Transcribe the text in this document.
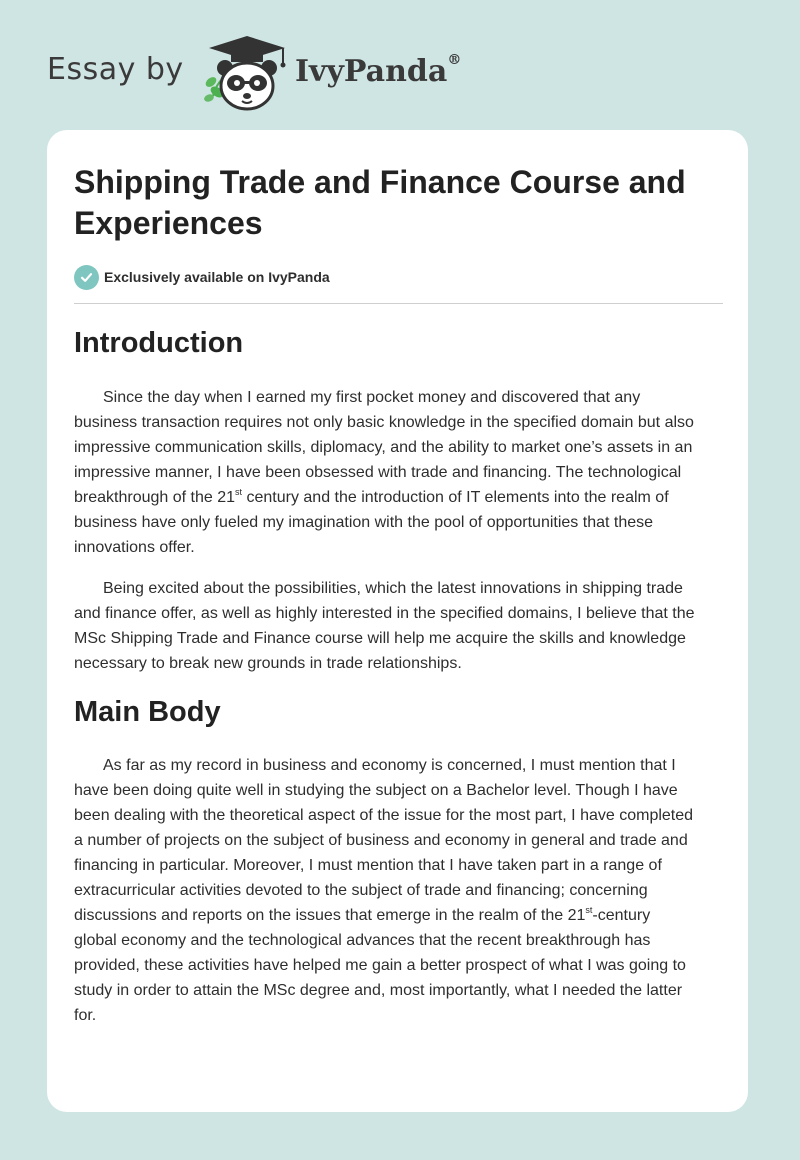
Essay by	IvyPanda®
Shipping Trade and Finance Course and
Experiences
Exclusively available on IvyPanda
Introduction

Since the day when I earned my first pocket money and discovered that any
business transaction requires not only basic knowledge in the specified domain but also
impressive communication skills, diplomacy, and the ability to market one’s assets in an
impressive manner, I have been obsessed with trade and financing. The technological
breakthrough of the 21st century and the introduction of IT elements into the realm of
business have only fueled my imagination with the pool of opportunities that these
innovations offer.

Being excited about the possibilities, which the latest innovations in shipping trade
and finance offer, as well as highly interested in the specified domains, I believe that the
MSc Shipping Trade and Finance course will help me acquire the skills and knowledge
necessary to break new grounds in trade relationships.

Main Body

As far as my record in business and economy is concerned, I must mention that I
have been doing quite well in studying the subject on a Bachelor level. Though I have
been dealing with the theoretical aspect of the issue for the most part, I have completed
a number of projects on the subject of business and economy in general and trade and
financing in particular. Moreover, I must mention that I have taken part in a range of
extracurricular activities devoted to the subject of trade and financing; concerning
discussions and reports on the issues that emerge in the realm of the 21st-century
global economy and the technological advances that the recent breakthrough has
provided, these activities have helped me gain a better prospect of what I was going to
study in order to attain the MSc degree and, most importantly, what I needed the latter
for.
